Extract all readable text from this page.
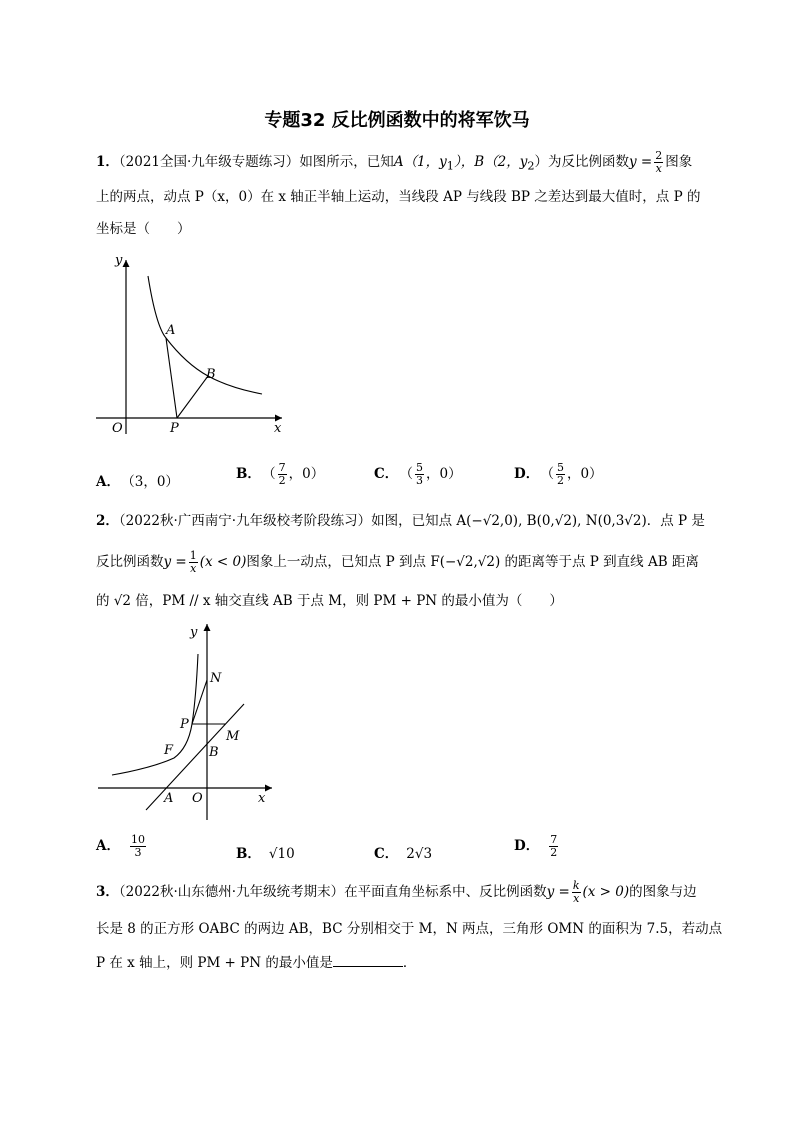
专题32 反比例函数中的将军饮马
1．（2021全国·九年级专题练习）如图所示，已知A（1，$y_1$），B（2，$y_2$）为反比例函数$y = \frac{2}{x}$ 图象
上的两点，动点 P（x，0）在 x 轴正半轴上运动，当线段 AP 与线段 BP 之差达到最大值时，点 P 的
坐标是（　　）
y
x
O
A
B
P
A． （3，0）	B． （ $\frac{7}{2}$ ，0）	C． （ $\frac{5}{3}$ ，0）	D． （ $\frac{5}{2}$ ，0）
2．（2022秋·广西南宁·九年级校考阶段练习）如图，已知点 A(−√2,0), B(0,√2), N(0,3√2)．点 P 是
反比例函数$y = \frac{1}{x} (x < 0)$图象上一动点，已知点 P 到点 F(−√2,√2) 的距离等于点 P 到直线 AB 距离
的 √2 倍，PM // x 轴交直线 AB 于点 M，则 PM + PN 的最小值为（　　）
y
x
O
A
B
N
P
F
M
A． $\frac{10}{3}$	B． √10	C． 2√3	D． $\frac{7}{2}$
3．（2022秋·山东德州·九年级统考期末）在平面直角坐标系中、反比例函数$y = \frac{k}{x} (x > 0)$的图象与边
长是 8 的正方形 OABC 的两边 AB，BC 分别相交于 M，N 两点，三角形 OMN 的面积为 7.5，若动点
P 在 x 轴上，则 PM + PN 的最小值是	．
